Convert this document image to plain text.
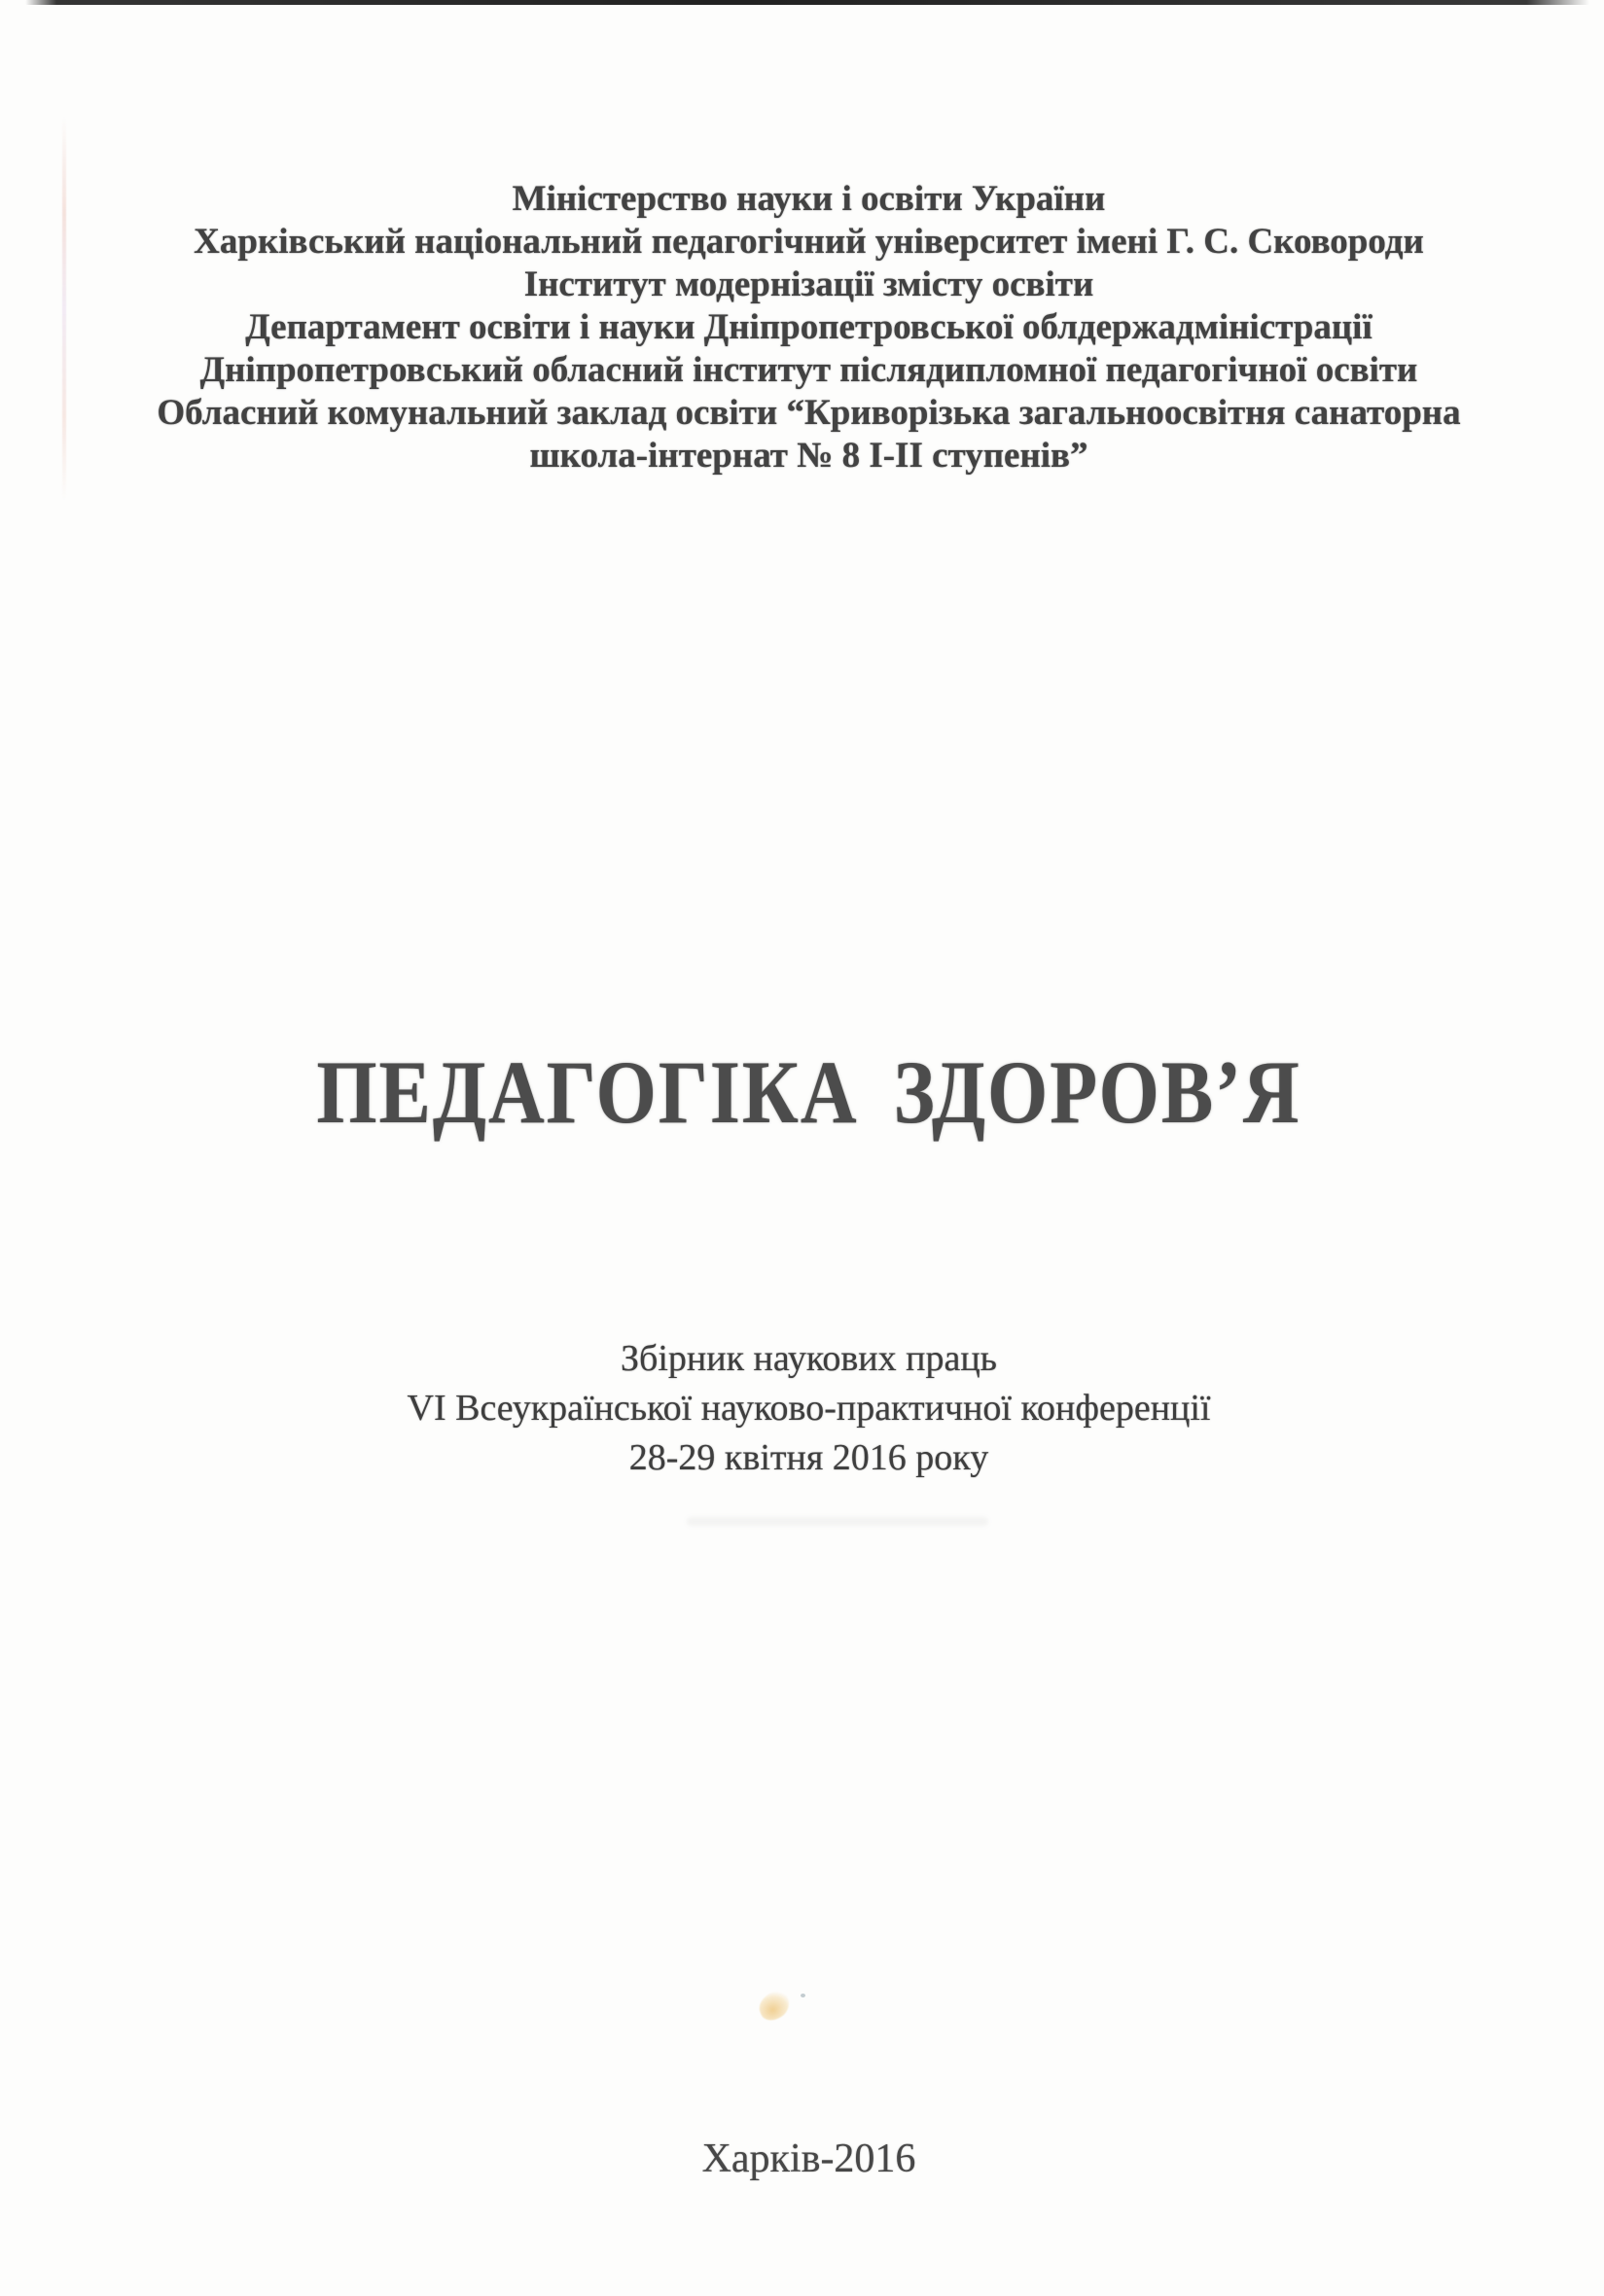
Міністерство науки і освіти України
Харківський національний педагогічний університет імені Г. С. Сковороди
Інститут модернізації змісту освіти
Департамент освіти і науки Дніпропетровської облдержадміністрації
Дніпропетровський обласний інститут післядипломної педагогічної освіти
Обласний комунальний заклад освіти “Криворізька загальноосвітня санаторна
школа-інтернат № 8 І-ІІ ступенів”
ПЕДАГОГІКА ЗДОРОВ’Я
Збірник наукових праць
VI Всеукраїнської науково-практичної конференції
28-29 квітня 2016 року
Харків-2016
